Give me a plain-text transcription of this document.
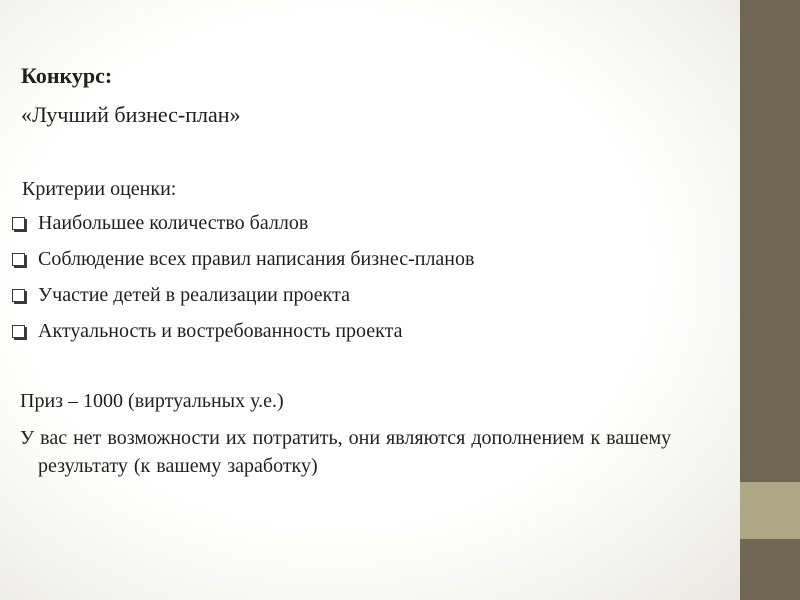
Конкурс:

«Лучший бизнес-план»

Критерии оценки:

Наибольшее количество баллов
Соблюдение всех правил написания бизнес-планов
Участие детей в реализации проекта
Актуальность и востребованность проекта

Приз – 1000 (виртуальных у.е.)

У вас нет возможности их потратить, они являются дополнением к вашему результату (к вашему заработку)
